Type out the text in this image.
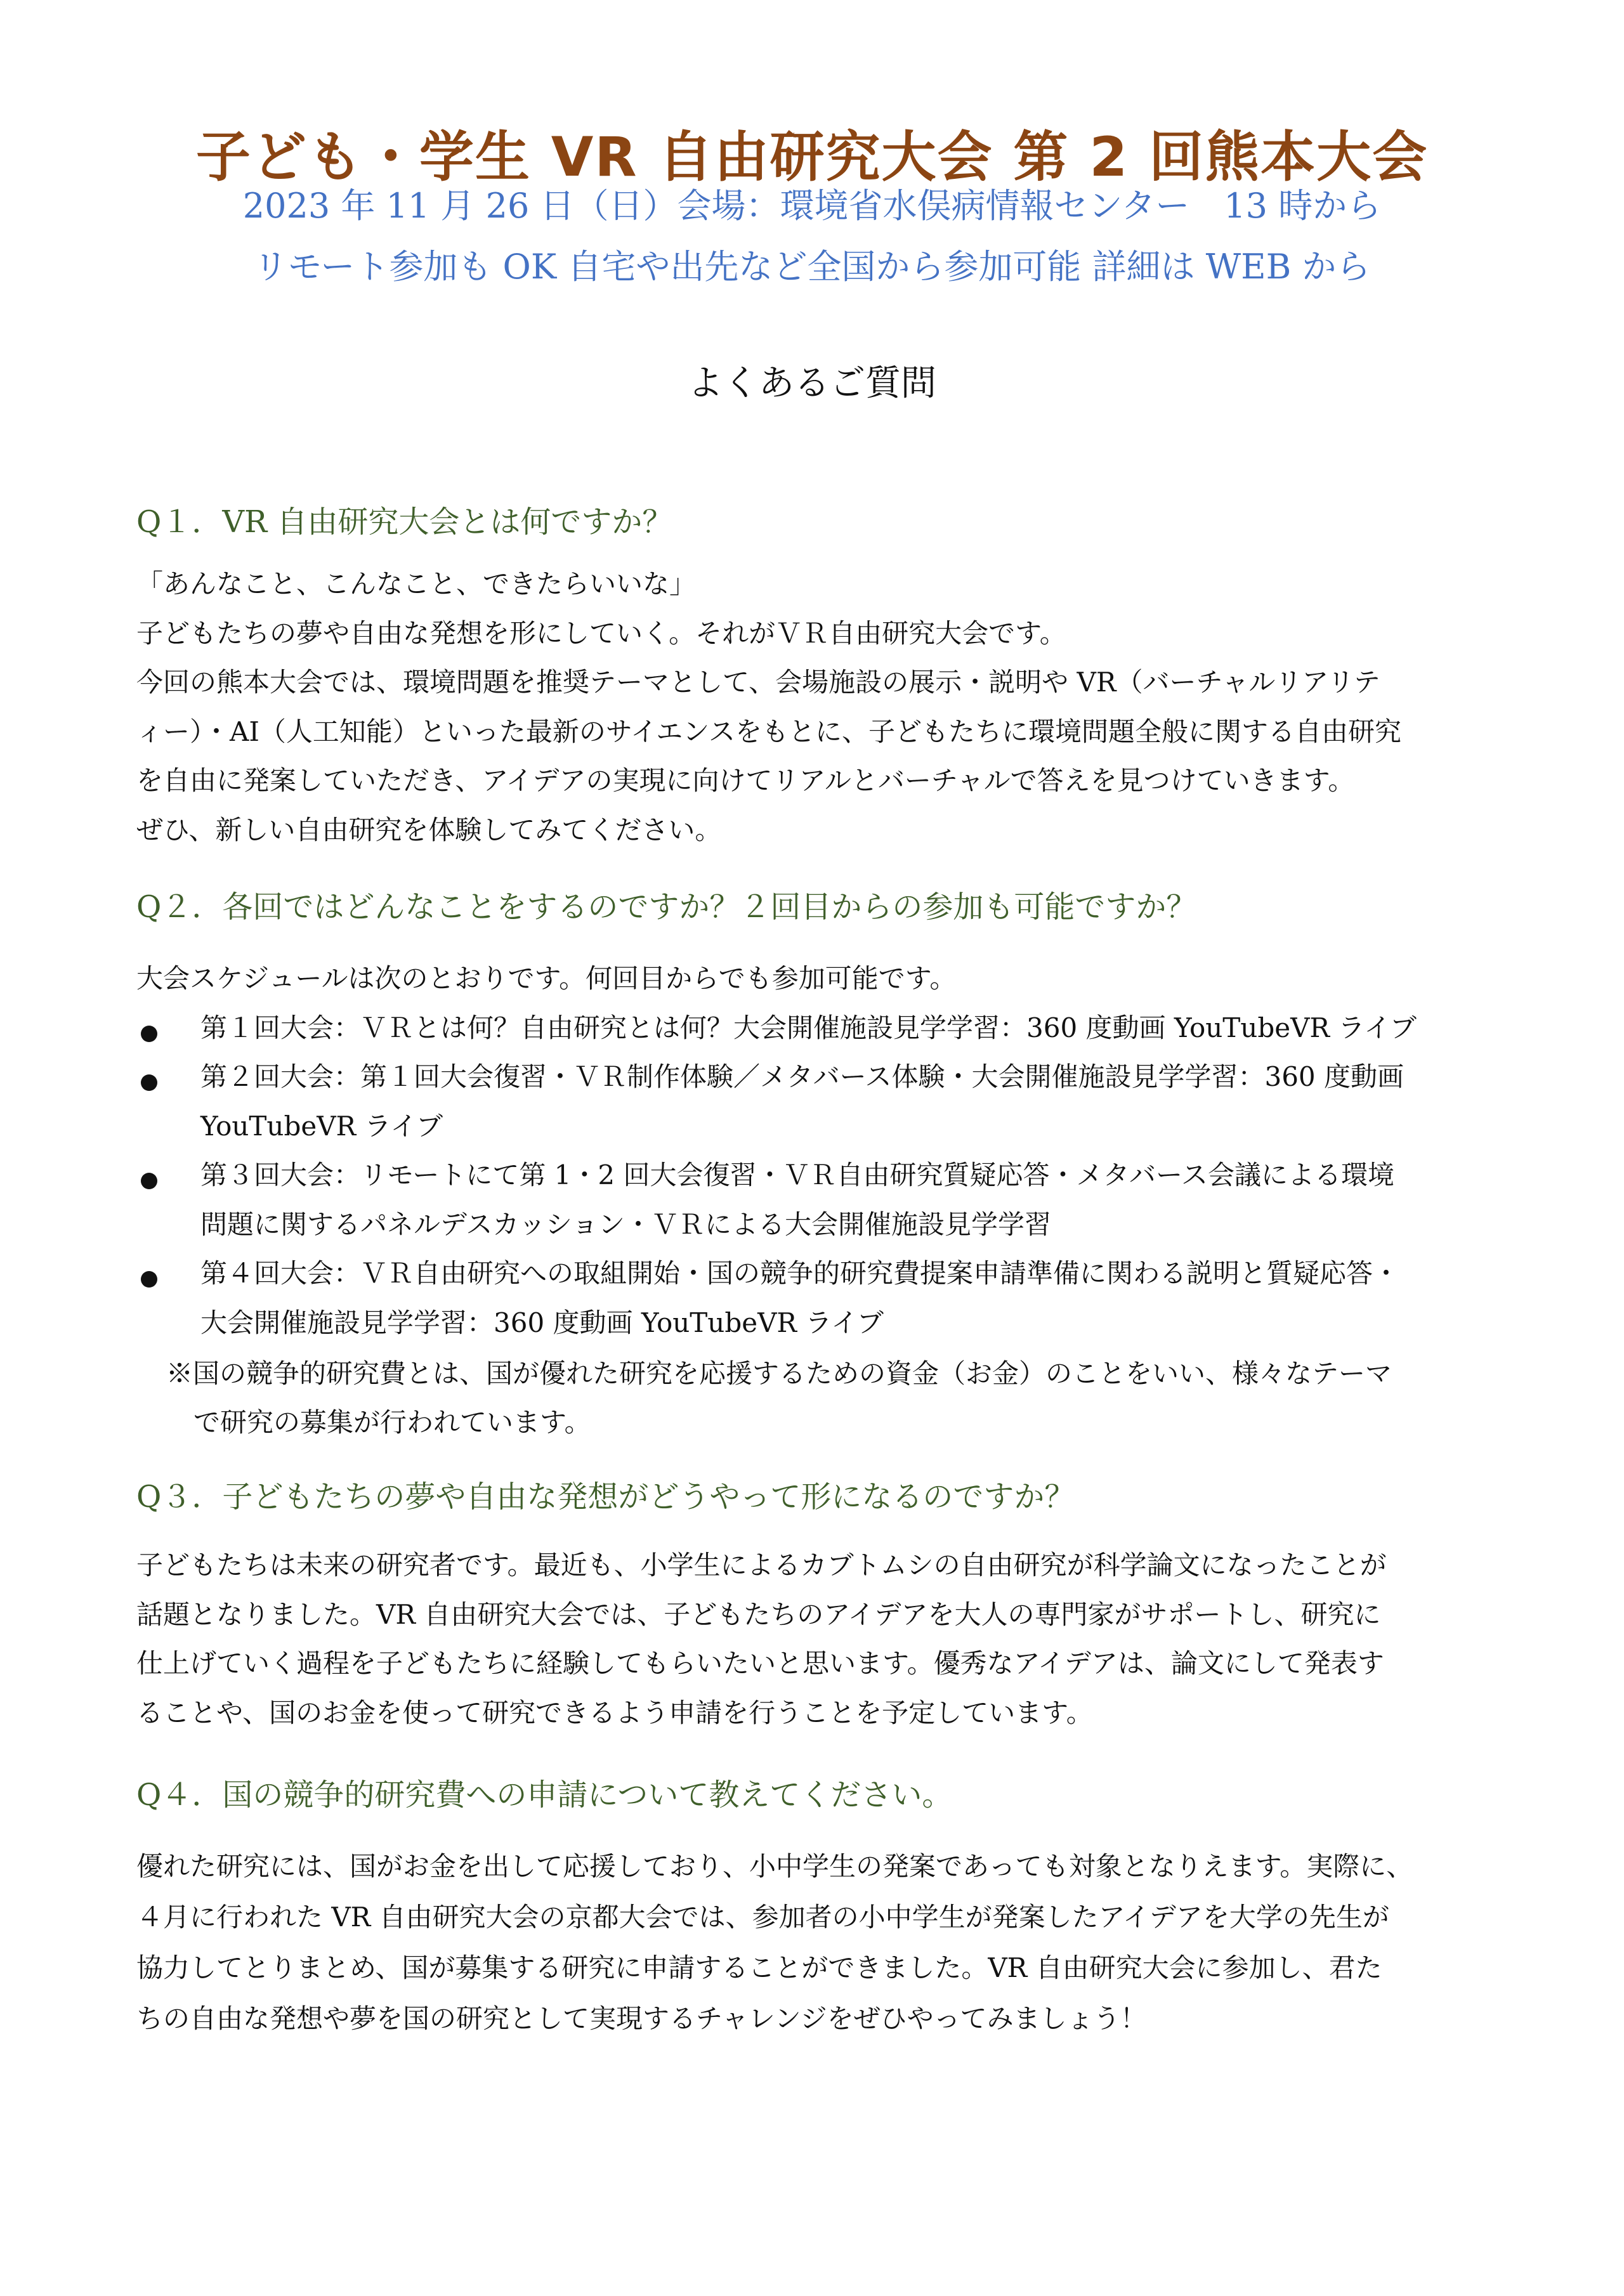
子ども・学生 VR 自由研究大会 第 2 回熊本大会
2023 年 11 月 26 日（日）会場：環境省水俣病情報センター　13 時から
リモート参加も OK 自宅や出先など全国から参加可能 詳細は WEB から
よくあるご質問
Q１．VR 自由研究大会とは何ですか？
「あんなこと、こんなこと、できたらいいな」
子どもたちの夢や自由な発想を形にしていく。それがＶＲ自由研究大会です。
今回の熊本大会では、環境問題を推奨テーマとして、会場施設の展示・説明や VR（バーチャルリアリテ
ィー）・AI（人工知能）といった最新のサイエンスをもとに、子どもたちに環境問題全般に関する自由研究
を自由に発案していただき、アイデアの実現に向けてリアルとバーチャルで答えを見つけていきます。
ぜひ、新しい自由研究を体験してみてください。
Q２．各回ではどんなことをするのですか？２回目からの参加も可能ですか？
大会スケジュールは次のとおりです。何回目からでも参加可能です。
第１回大会：ＶＲとは何？自由研究とは何？大会開催施設見学学習：360 度動画 YouTubeVR ライブ
第２回大会：第１回大会復習・ＶＲ制作体験／メタバース体験・大会開催施設見学学習：360 度動画
YouTubeVR ライブ
第３回大会：リモートにて第 1・2 回大会復習・ＶＲ自由研究質疑応答・メタバース会議による環境
問題に関するパネルデスカッション・ＶＲによる大会開催施設見学学習
第４回大会：ＶＲ自由研究への取組開始・国の競争的研究費提案申請準備に関わる説明と質疑応答・
大会開催施設見学学習：360 度動画 YouTubeVR ライブ
※国の競争的研究費とは、国が優れた研究を応援するための資金（お金）のことをいい、様々なテーマ
で研究の募集が行われています。
Q３．子どもたちの夢や自由な発想がどうやって形になるのですか？
子どもたちは未来の研究者です。最近も、小学生によるカブトムシの自由研究が科学論文になったことが
話題となりました。VR 自由研究大会では、子どもたちのアイデアを大人の専門家がサポートし、研究に
仕上げていく過程を子どもたちに経験してもらいたいと思います。優秀なアイデアは、論文にして発表す
ることや、国のお金を使って研究できるよう申請を行うことを予定しています。
Q４．国の競争的研究費への申請について教えてください。
優れた研究には、国がお金を出して応援しており、小中学生の発案であっても対象となりえます。実際に、
４月に行われた VR 自由研究大会の京都大会では、参加者の小中学生が発案したアイデアを大学の先生が
協力してとりまとめ、国が募集する研究に申請することができました。VR 自由研究大会に参加し、君た
ちの自由な発想や夢を国の研究として実現するチャレンジをぜひやってみましょう！
